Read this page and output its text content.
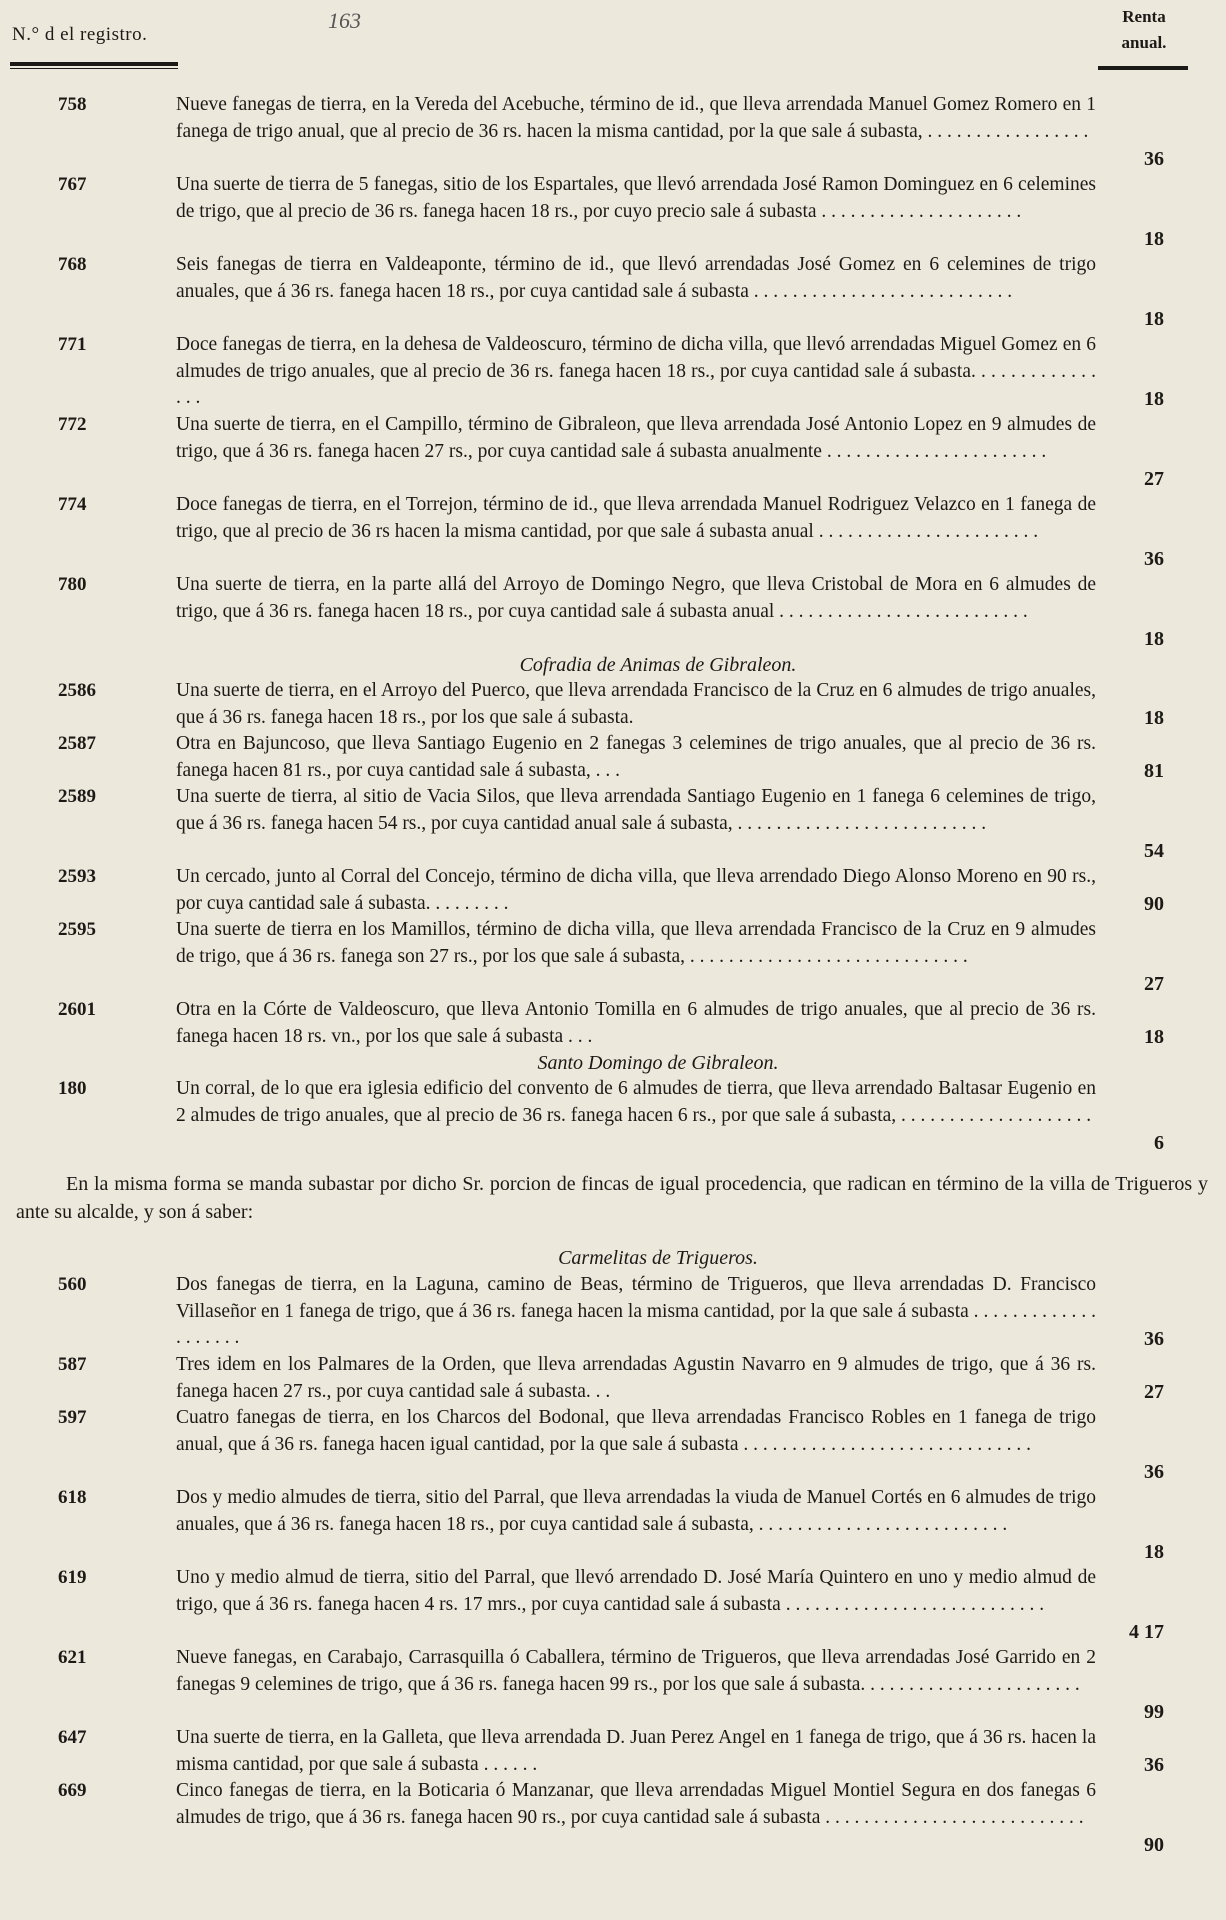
N.° d el registro.
163	Renta
anual.
758	Nueve fanegas de tierra, en la Vereda del Acebuche, término de id., que lleva arrendada Manuel Gomez Romero en 1 fanega de trigo anual, que al precio de 36 rs. hacen la misma cantidad, por la que sale á subasta, . . . . . . . . . . . . . . . . .
36
767	Una suerte de tierra de 5 fanegas, sitio de los Espartales, que llevó arrendada José Ramon Dominguez en 6 celemines de trigo, que al precio de 36 rs. fanega hacen 18 rs., por cuyo precio sale á subasta . . . . . . . . . . . . . . . . . . . . .
18
768	Seis fanegas de tierra en Valdeaponte, término de id., que llevó arrendadas José Gomez en 6 celemines de trigo anuales, que á 36 rs. fanega hacen 18 rs., por cuya cantidad sale á subasta . . . . . . . . . . . . . . . . . . . . . . . . . . .
18
771	Doce fanegas de tierra, en la dehesa de Valdeoscuro, término de dicha villa, que llevó arrendadas Miguel Gomez en 6 almudes de trigo anuales, que al precio de 36 rs. fanega hacen 18 rs., por cuya cantidad sale á subasta. . . . . . . . . . . . . . . .	18
772	Una suerte de tierra, en el Campillo, término de Gibraleon, que lleva arrendada José Antonio Lopez en 9 almudes de trigo, que á 36 rs. fanega hacen 27 rs., por cuya cantidad sale á subasta anualmente . . . . . . . . . . . . . . . . . . . . . . .
27
774	Doce fanegas de tierra, en el Torrejon, término de id., que lleva arrendada Manuel Rodriguez Velazco en 1 fanega de trigo, que al precio de 36 rs hacen la misma cantidad, por que sale á subasta anual . . . . . . . . . . . . . . . . . . . . . . .
36
780	Una suerte de tierra, en la parte allá del Arroyo de Domingo Negro, que lleva Cristobal de Mora en 6 almudes de trigo, que á 36 rs. fanega hacen 18 rs., por cuya cantidad sale á subasta anual . . . . . . . . . . . . . . . . . . . . . . . . . .
18
Cofradia de Animas de Gibraleon.
2586	Una suerte de tierra, en el Arroyo del Puerco, que lleva arrendada Francisco de la Cruz en 6 almudes de trigo anuales, que á 36 rs. fanega hacen 18 rs., por los que sale á subasta.	18
2587	Otra en Bajuncoso, que lleva Santiago Eugenio en 2 fanegas 3 celemines de trigo anuales, que al precio de 36 rs. fanega hacen 81 rs., por cuya cantidad sale á subasta, . . .	81
2589	Una suerte de tierra, al sitio de Vacia Silos, que lleva arrendada Santiago Eugenio en 1 fanega 6 celemines de trigo, que á 36 rs. fanega hacen 54 rs., por cuya cantidad anual sale á subasta, . . . . . . . . . . . . . . . . . . . . . . . . . .
54
2593	Un cercado, junto al Corral del Concejo, término de dicha villa, que lleva arrendado Diego Alonso Moreno en 90 rs., por cuya cantidad sale á subasta. . . . . . . . .	90
2595	Una suerte de tierra en los Mamillos, término de dicha villa, que lleva arrendada Francisco de la Cruz en 9 almudes de trigo, que á 36 rs. fanega son 27 rs., por los que sale á subasta, . . . . . . . . . . . . . . . . . . . . . . . . . . . . .
27
2601	Otra en la Córte de Valdeoscuro, que lleva Antonio Tomilla en 6 almudes de trigo anuales, que al precio de 36 rs. fanega hacen 18 rs. vn., por los que sale á subasta . . .	18
Santo Domingo de Gibraleon.
180	Un corral, de lo que era iglesia edificio del convento de 6 almudes de tierra, que lleva arrendado Baltasar Eugenio en 2 almudes de trigo anuales, que al precio de 36 rs. fanega hacen 6 rs., por que sale á subasta, . . . . . . . . . . . . . . . . . . . .
6
En la misma forma se manda subastar por dicho Sr. porcion de fincas de igual procedencia, que radican en término de la villa de Trigueros y ante su alcalde, y son á saber:
Carmelitas de Trigueros.
560	Dos fanegas de tierra, en la Laguna, camino de Beas, término de Trigueros, que lleva arrendadas D. Francisco Villaseñor en 1 fanega de trigo, que á 36 rs. fanega hacen la misma cantidad, por la que sale á subasta . . . . . . . . . . . . . . . . . . . .	36
587	Tres idem en los Palmares de la Orden, que lleva arrendadas Agustin Navarro en 9 almudes de trigo, que á 36 rs. fanega hacen 27 rs., por cuya cantidad sale á subasta. . .	27
597	Cuatro fanegas de tierra, en los Charcos del Bodonal, que lleva arrendadas Francisco Robles en 1 fanega de trigo anual, que á 36 rs. fanega hacen igual cantidad, por la que sale á subasta . . . . . . . . . . . . . . . . . . . . . . . . . . . . . .
36
618	Dos y medio almudes de tierra, sitio del Parral, que lleva arrendadas la viuda de Manuel Cortés en 6 almudes de trigo anuales, que á 36 rs. fanega hacen 18 rs., por cuya cantidad sale á subasta, . . . . . . . . . . . . . . . . . . . . . . . . . .
18
619	Uno y medio almud de tierra, sitio del Parral, que llevó arrendado D. José María Quintero en uno y medio almud de trigo, que á 36 rs. fanega hacen 4 rs. 17 mrs., por cuya cantidad sale á subasta . . . . . . . . . . . . . . . . . . . . . . . . . . .
4 17
621	Nueve fanegas, en Carabajo, Carrasquilla ó Caballera, término de Trigueros, que lleva arrendadas José Garrido en 2 fanegas 9 celemines de trigo, que á 36 rs. fanega hacen 99 rs., por los que sale á subasta. . . . . . . . . . . . . . . . . . . . . . .
99
647	Una suerte de tierra, en la Galleta, que lleva arrendada D. Juan Perez Angel en 1 fanega de trigo, que á 36 rs. hacen la misma cantidad, por que sale á subasta . . . . . .	36
669	Cinco fanegas de tierra, en la Boticaria ó Manzanar, que lleva arrendadas Miguel Montiel Segura en dos fanegas 6 almudes de trigo, que á 36 rs. fanega hacen 90 rs., por cuya cantidad sale á subasta . . . . . . . . . . . . . . . . . . . . . . . . . . .
90
